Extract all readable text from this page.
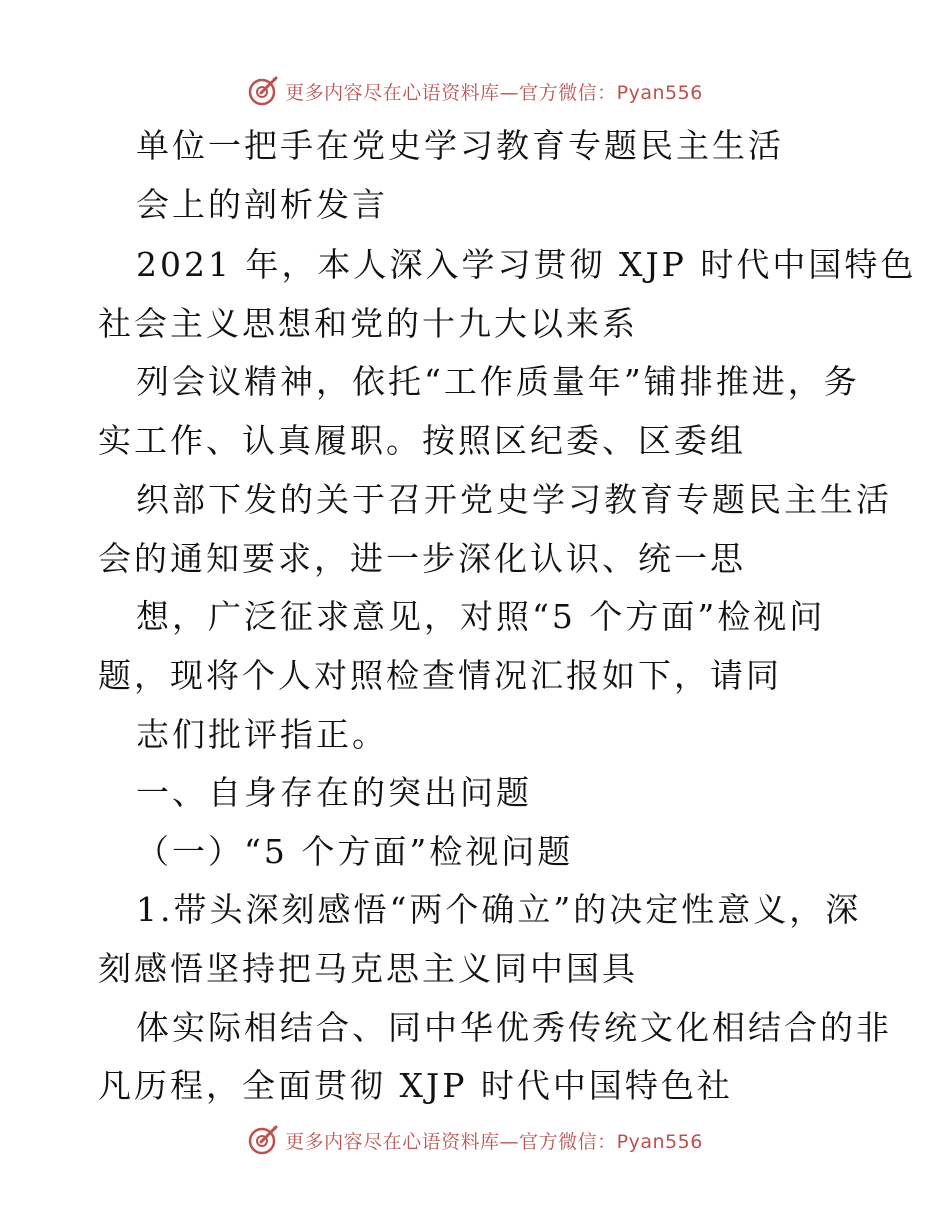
更多内容尽在心语资料库—官方微信：Pyan556
单位一把手在党史学习教育专题民主生活
会上的剖析发言
2021 年，本人深入学习贯彻 XJP 时代中国特色
社会主义思想和党的十九大以来系
列会议精神，依托“工作质量年”铺排推进，务
实工作、认真履职。按照区纪委、区委组
织部下发的关于召开党史学习教育专题民主生活
会的通知要求，进一步深化认识、统一思
想，广泛征求意见，对照“5 个方面”检视问
题，现将个人对照检查情况汇报如下，请同
志们批评指正。
一、自身存在的突出问题
（一）“5 个方面”检视问题
1.带头深刻感悟“两个确立”的决定性意义，深
刻感悟坚持把马克思主义同中国具
体实际相结合、同中华优秀传统文化相结合的非
凡历程，全面贯彻 XJP 时代中国特色社
更多内容尽在心语资料库—官方微信：Pyan556
